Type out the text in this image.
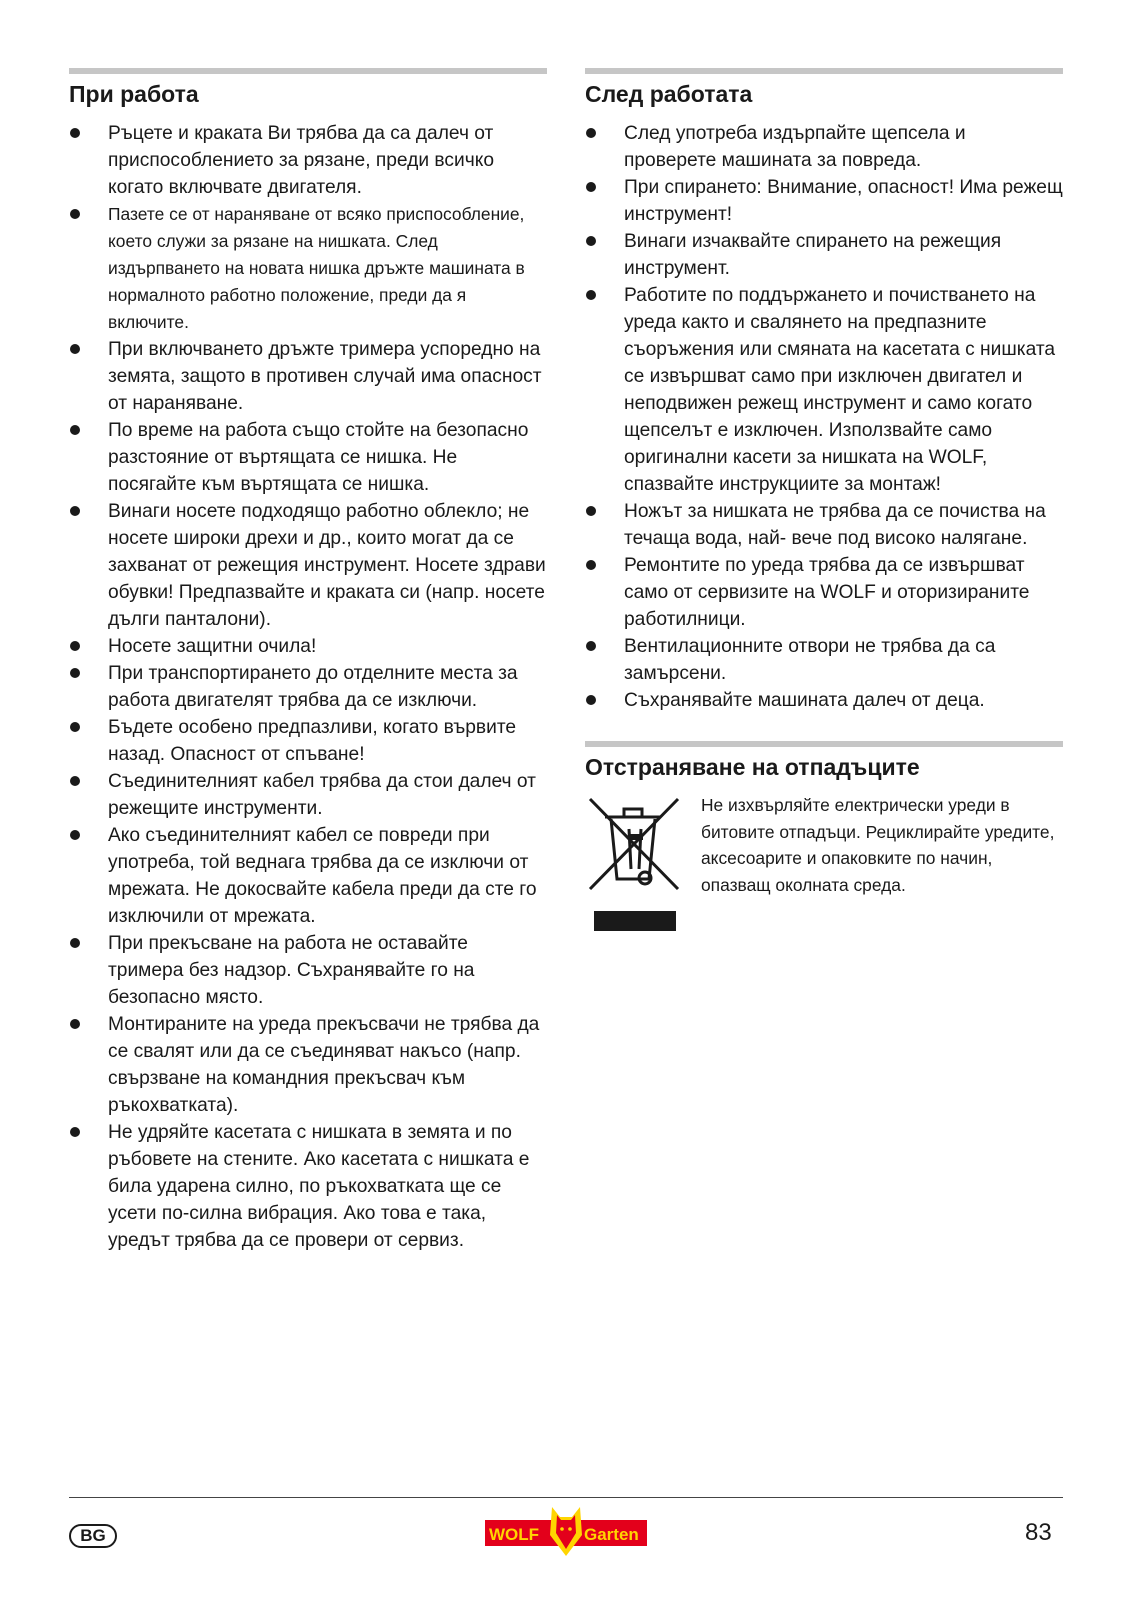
При работа
Ръцете и краката Ви трябва да са далеч от приспособлението за рязане, преди всичко когато включвате двигателя.
Пазете се от нараняване от всяко приспособление, което служи за рязане на нишката. След издърпването на новата нишка дръжте машината в нормалното работно положение, преди да я включите.
При включването дръжте тримера успоредно на земята, защото в противен случай има опасност от нараняване.
По време на работа също стойте на безопасно разстояние от въртящата се нишка. Не посягайте към въртящата се нишка.
Винаги носете подходящо работно облекло; не носете широки дрехи и др., които могат да се захванат от режещия инструмент. Носете здрави обувки! Предпазвайте и краката си (напр. носете дълги панталони).
Носете защитни очила!
При транспортирането до отделните места за работа двигателят трябва да се изключи.
Бъдете особено предпазливи, когато вървите назад. Опасност от спъване!
Съединителният кабел трябва да стои далеч от режещите инструменти.
Ако съединителният кабел се повреди при употреба, той веднага трябва да се изключи от мрежата. Не докосвайте кабела преди да сте го изключили от мрежата.
При прекъсване на работа не оставайте тримера без надзор. Съхранявайте го на безопасно място.
Монтираните на уреда прекъсвачи не трябва да се свалят или да се съединяват накъсо (напр. свързване на командния прекъсвач към ръкохватката).
Не удряйте касетата с нишката в земята и по ръбовете на стените. Ако касетата с нишката е била ударена силно, по ръкохватката ще се усети по-силна вибрация. Ако това е така, уредът трябва да се провери от сервиз.
След работата
След употреба издърпайте щепсела и проверете машината за повреда.
При спирането: Внимание, опасност! Има режещ инструмент!
Винаги изчаквайте спирането на режещия инструмент.
Работите по поддържането и почистването на уреда както и свалянето на предпазните съоръжения или смяната на касетата с нишката се извършват само при изключен двигател и неподвижен режещ инструмент и само когато щепселът е изключен. Използвайте само оригинални касети за нишката на WOLF, спазвайте инструкциите за монтаж!
Ножът за нишката не трябва да се почиства на течаща вода, най- вече под високо налягане.
Ремонтите по уреда трябва да се извършват само от сервизите на WOLF и оторизираните работилници.
Вентилационните отвори не трябва да са замърсени.
Съхранявайте машината далеч от деца.
Отстраняване на отпадъците
Не изхвърляйте електрически уреди в битовите отпадъци. Рециклирайте уредите, аксесоарите и опаковките по начин, опазващ околната среда.
BG	WOLF	Garten	83
